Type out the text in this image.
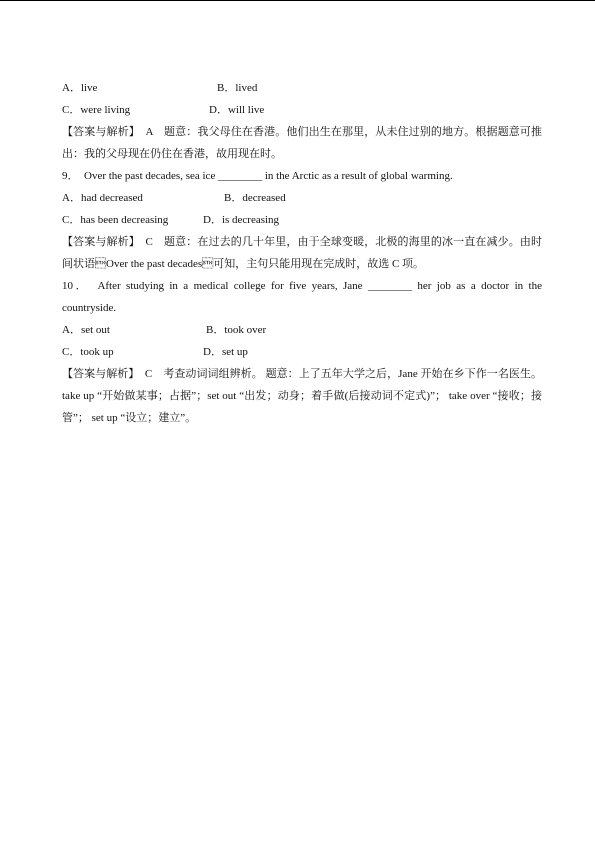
A．live	B．lived
C．were living	D．will live
【答案与解析】　A　题意：我父母住在香港。他们出生在那里，从未住过别的地方。根据题意可推出：我的父母现在仍住在香港，故用现在时。
9．　Over the past decades, sea ice ________ in the Arctic as a result of global warming.
A．had decreased	B．decreased
C．has been decreasing	D．is decreasing
【答案与解析】　C　题意：在过去的几十年里，由于全球变暖，北极的海里的冰一直在减少。由时间状语Over the past decades可知，主句只能用现在完成时，故选 C 项。
10．　After studying in a medical college for five years, Jane ________ her job as a doctor in the countryside.
A．set out	B．took over
C．took up	D．set up
【答案与解析】　C　考查动词词组辨析。 题意：上了五年大学之后，Jane 开始在乡下作一名医生。take up “开始做某事；占据”；set out “出发；动身；着手做(后接动词不定式)”； take over “接收；接管”； set up “设立；建立”。
